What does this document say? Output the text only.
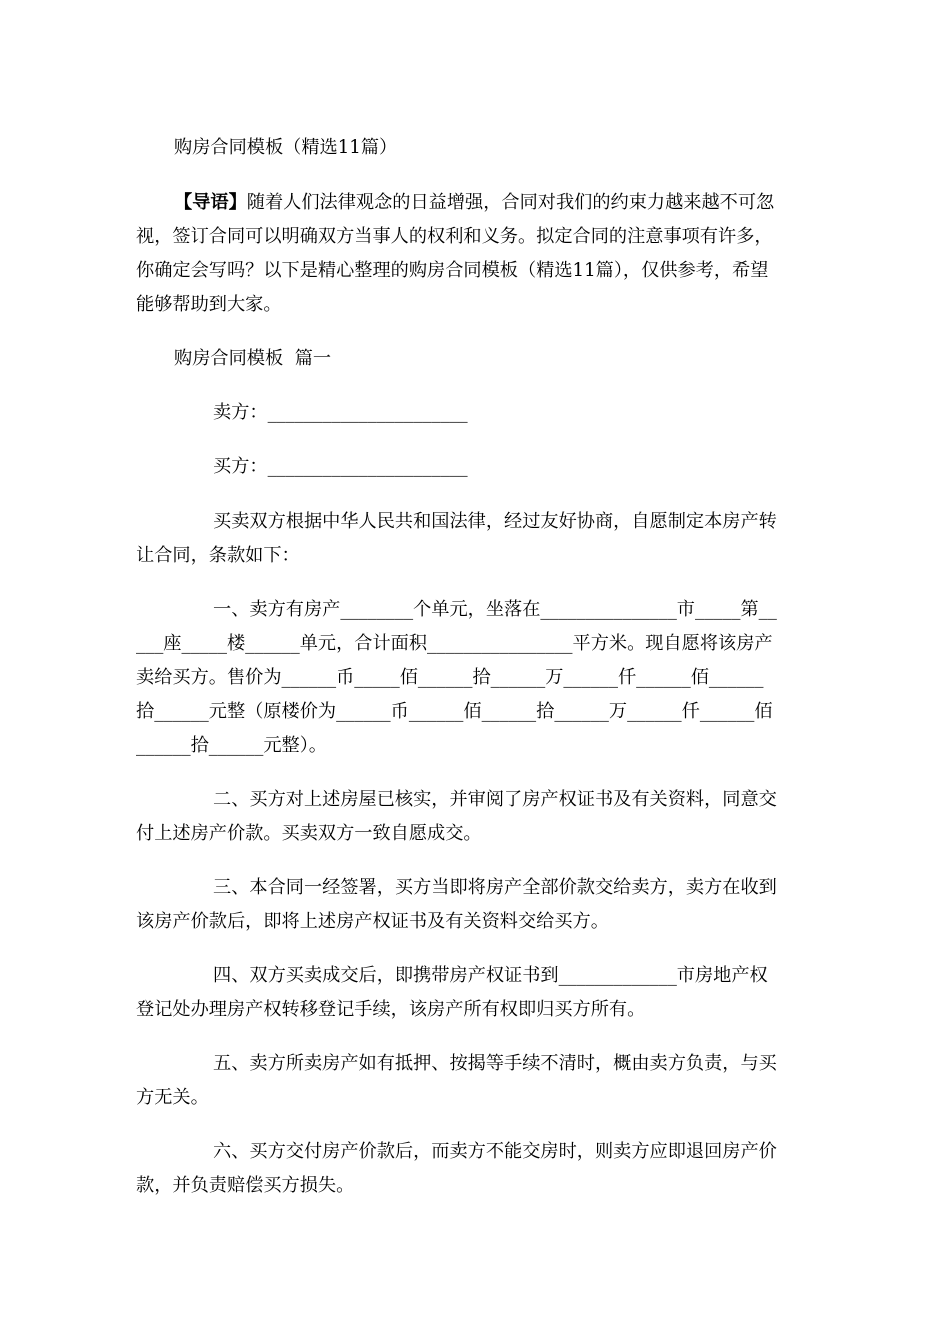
购房合同模板（精选11篇）
【导语】随着人们法律观念的日益增强，合同对我们的约束力越来越不可忽
视，签订合同可以明确双方当事人的权利和义务。拟定合同的注意事项有许多，
你确定会写吗？以下是精心整理的购房合同模板（精选11篇），仅供参考，希望
能够帮助到大家。
购房合同模板  篇一
卖方：______________________
买方：______________________
买卖双方根据中华人民共和国法律，经过友好协商，自愿制定本房产转
让合同，条款如下：
一、卖方有房产________个单元，坐落在_______________市_____第__
___座_____楼______单元，合计面积________________平方米。现自愿将该房产
卖给买方。售价为______币_____佰______拾______万______仟______佰______
拾______元整（原楼价为______币______佰______拾______万______仟______佰
______拾______元整）。
二、买方对上述房屋已核实，并审阅了房产权证书及有关资料，同意交
付上述房产价款。买卖双方一致自愿成交。
三、本合同一经签署，买方当即将房产全部价款交给卖方，卖方在收到
该房产价款后，即将上述房产权证书及有关资料交给买方。
四、双方买卖成交后，即携带房产权证书到_____________市房地产权
登记处办理房产权转移登记手续，该房产所有权即归买方所有。
五、卖方所卖房产如有抵押、按揭等手续不清时，概由卖方负责，与买
方无关。
六、买方交付房产价款后，而卖方不能交房时，则卖方应即退回房产价
款，并负责赔偿买方损失。
